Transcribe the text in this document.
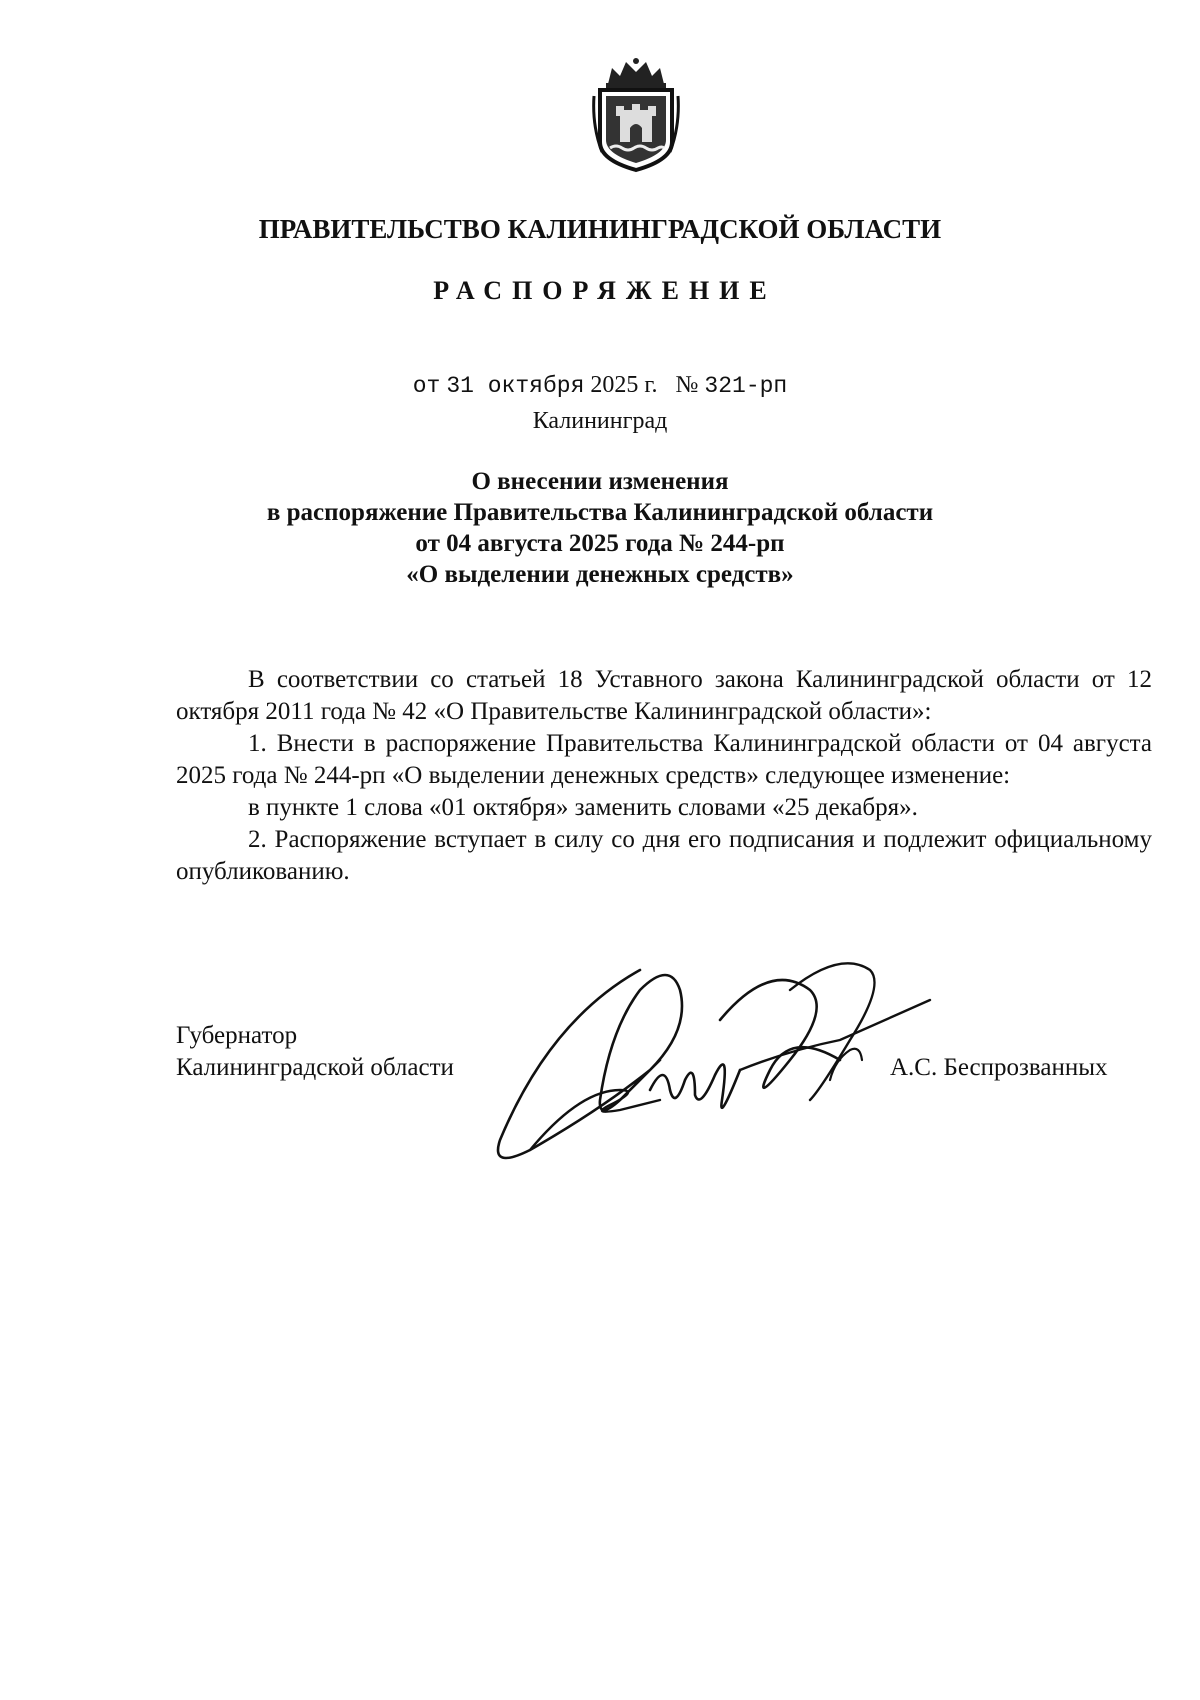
ПРАВИТЕЛЬСТВО КАЛИНИНГРАДСКОЙ ОБЛАСТИ
РАСПОРЯЖЕНИЕ
от 31 октября 2025 г. № 321-рп
Калининград
О внесении изменения
в распоряжение Правительства Калининградской области
от 04 августа 2025 года № 244-рп
«О выделении денежных средств»

В соответствии со статьей 18 Уставного закона Калининградской области от 12 октября 2011 года № 42 «О Правительстве Калининградской области»:

1. Внести в распоряжение Правительства Калининградской области от 04 августа 2025 года № 244-рп «О выделении денежных средств» следующее изменение:

в пункте 1 слова «01 октября» заменить словами «25 декабря».

2. Распоряжение вступает в силу со дня его подписания и подлежит официальному опубликованию.

Губернатор
Калининградской области	А.С. Беспрозванных
